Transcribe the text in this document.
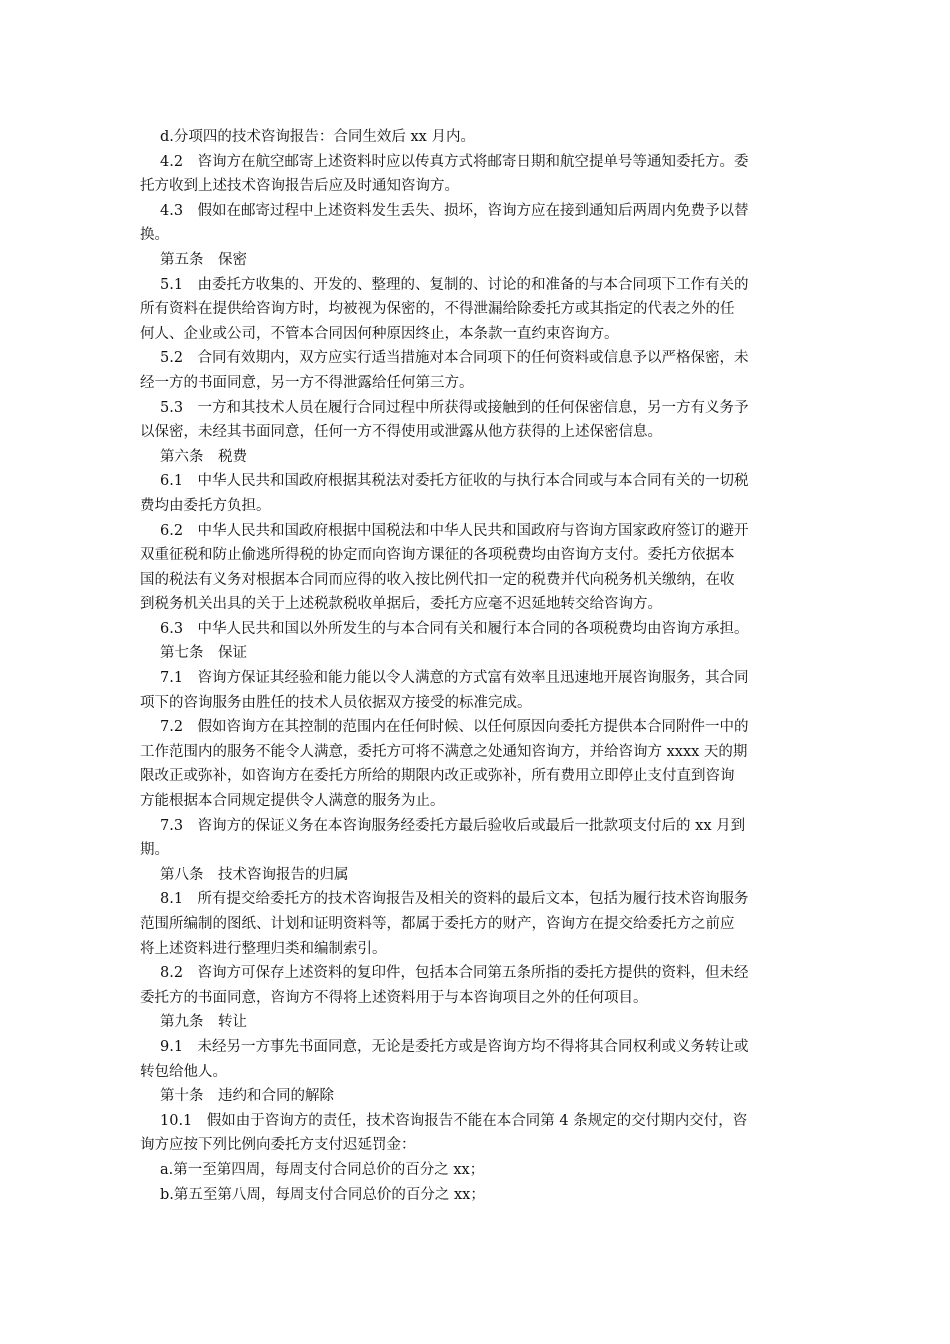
d.分项四的技术咨询报告：合同生效后 xx 月内。
4.2　咨询方在航空邮寄上述资料时应以传真方式将邮寄日期和航空提单号等通知委托方。委
托方收到上述技术咨询报告后应及时通知咨询方。
4.3　假如在邮寄过程中上述资料发生丢失、损坏，咨询方应在接到通知后两周内免费予以替
换。
第五条　保密
5.1　由委托方收集的、开发的、整理的、复制的、讨论的和准备的与本合同项下工作有关的
所有资料在提供给咨询方时，均被视为保密的，不得泄漏给除委托方或其指定的代表之外的任
何人、企业或公司，不管本合同因何种原因终止，本条款一直约束咨询方。
5.2　合同有效期内，双方应实行适当措施对本合同项下的任何资料或信息予以严格保密，未
经一方的书面同意，另一方不得泄露给任何第三方。
5.3　一方和其技术人员在履行合同过程中所获得或接触到的任何保密信息，另一方有义务予
以保密，未经其书面同意，任何一方不得使用或泄露从他方获得的上述保密信息。
第六条　税费
6.1　中华人民共和国政府根据其税法对委托方征收的与执行本合同或与本合同有关的一切税
费均由委托方负担。
6.2　中华人民共和国政府根据中国税法和中华人民共和国政府与咨询方国家政府签订的避开
双重征税和防止偷逃所得税的协定而向咨询方课征的各项税费均由咨询方支付。委托方依据本
国的税法有义务对根据本合同而应得的收入按比例代扣一定的税费并代向税务机关缴纳，在收
到税务机关出具的关于上述税款税收单据后，委托方应毫不迟延地转交给咨询方。
6.3　中华人民共和国以外所发生的与本合同有关和履行本合同的各项税费均由咨询方承担。
第七条　保证
7.1　咨询方保证其经验和能力能以令人满意的方式富有效率且迅速地开展咨询服务，其合同
项下的咨询服务由胜任的技术人员依据双方接受的标准完成。
7.2　假如咨询方在其控制的范围内在任何时候、以任何原因向委托方提供本合同附件一中的
工作范围内的服务不能令人满意，委托方可将不满意之处通知咨询方，并给咨询方 xxxx 天的期
限改正或弥补，如咨询方在委托方所给的期限内改正或弥补，所有费用立即停止支付直到咨询
方能根据本合同规定提供令人满意的服务为止。
7.3　咨询方的保证义务在本咨询服务经委托方最后验收后或最后一批款项支付后的 xx 月到
期。
第八条　技术咨询报告的归属
8.1　所有提交给委托方的技术咨询报告及相关的资料的最后文本，包括为履行技术咨询服务
范围所编制的图纸、计划和证明资料等，都属于委托方的财产，咨询方在提交给委托方之前应
将上述资料进行整理归类和编制索引。
8.2　咨询方可保存上述资料的复印件，包括本合同第五条所指的委托方提供的资料，但未经
委托方的书面同意，咨询方不得将上述资料用于与本咨询项目之外的任何项目。
第九条　转让
9.1　未经另一方事先书面同意，无论是委托方或是咨询方均不得将其合同权利或义务转让或
转包给他人。
第十条　违约和合同的解除
10.1　假如由于咨询方的责任，技术咨询报告不能在本合同第 4 条规定的交付期内交付，咨
询方应按下列比例向委托方支付迟延罚金：
a.第一至第四周，每周支付合同总价的百分之 xx；
b.第五至第八周，每周支付合同总价的百分之 xx；
